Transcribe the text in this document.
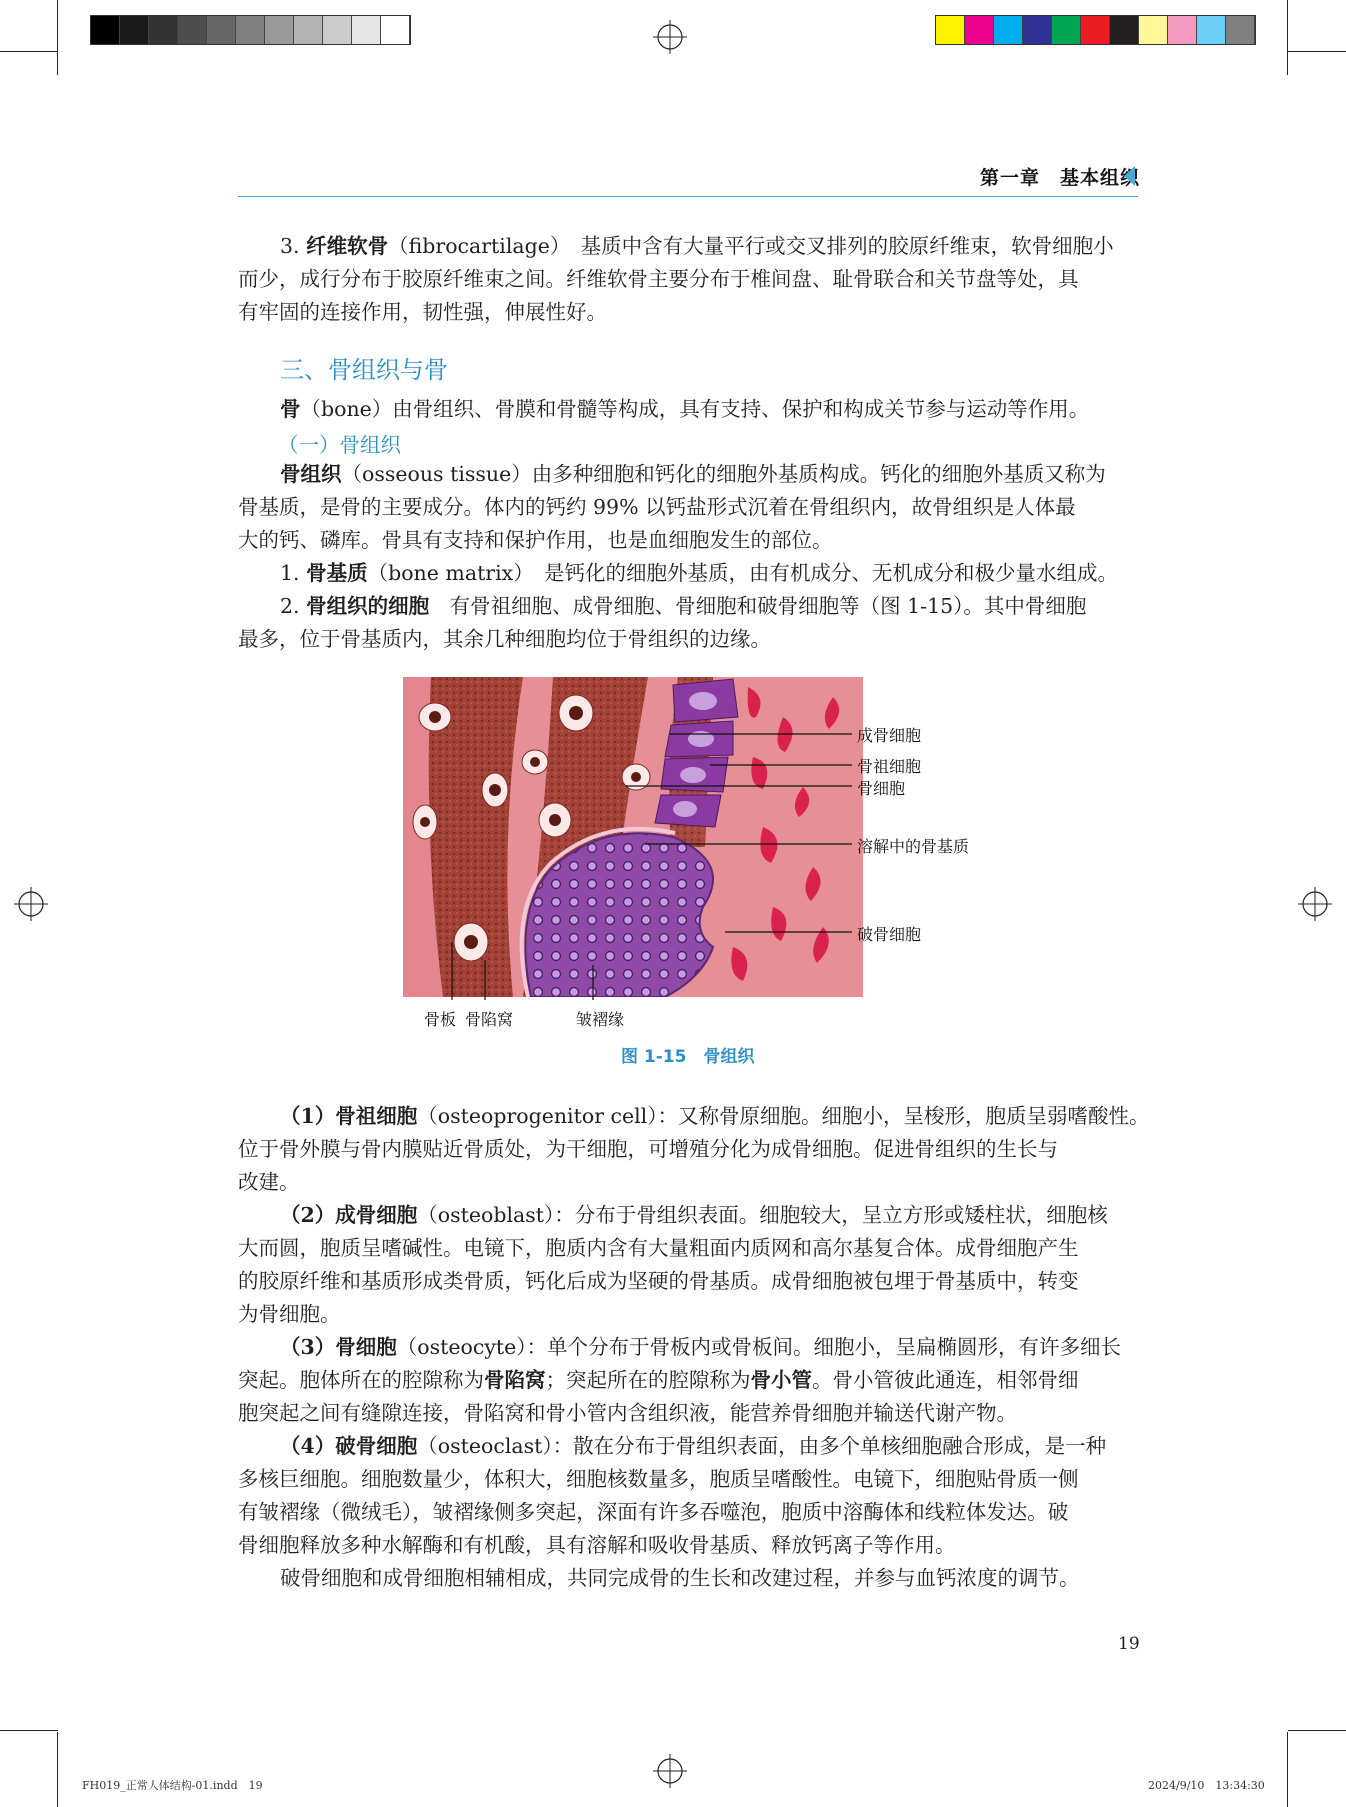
第一章　基本组织
3. 纤维软骨（fibrocartilage）　基质中含有大量平行或交叉排列的胶原纤维束，软骨细胞小
而少，成行分布于胶原纤维束之间。纤维软骨主要分布于椎间盘、耻骨联合和关节盘等处，具
有牢固的连接作用，韧性强，伸展性好。
三、骨组织与骨
骨（bone）由骨组织、骨膜和骨髓等构成，具有支持、保护和构成关节参与运动等作用。
（一）骨组织
骨组织（osseous tissue）由多种细胞和钙化的细胞外基质构成。钙化的细胞外基质又称为
骨基质，是骨的主要成分。体内的钙约 99% 以钙盐形式沉着在骨组织内，故骨组织是人体最
大的钙、磷库。骨具有支持和保护作用，也是血细胞发生的部位。
1. 骨基质（bone matrix）　是钙化的细胞外基质，由有机成分、无机成分和极少量水组成。
2. 骨组织的细胞　有骨祖细胞、成骨细胞、骨细胞和破骨细胞等（图 1-15）。其中骨细胞
最多，位于骨基质内，其余几种细胞均位于骨组织的边缘。
成骨细胞
骨祖细胞
骨细胞
溶解中的骨基质
破骨细胞
骨板 骨陷窝	皱褶缘
图 1-15　骨组织
（1）骨祖细胞（osteoprogenitor cell）：又称骨原细胞。细胞小，呈梭形，胞质呈弱嗜酸性。
位于骨外膜与骨内膜贴近骨质处，为干细胞，可增殖分化为成骨细胞。促进骨组织的生长与
改建。
（2）成骨细胞（osteoblast）：分布于骨组织表面。细胞较大，呈立方形或矮柱状，细胞核
大而圆，胞质呈嗜碱性。电镜下，胞质内含有大量粗面内质网和高尔基复合体。成骨细胞产生
的胶原纤维和基质形成类骨质，钙化后成为坚硬的骨基质。成骨细胞被包埋于骨基质中，转变
为骨细胞。
（3）骨细胞（osteocyte）：单个分布于骨板内或骨板间。细胞小，呈扁椭圆形，有许多细长
突起。胞体所在的腔隙称为骨陷窝；突起所在的腔隙称为骨小管。骨小管彼此通连，相邻骨细
胞突起之间有缝隙连接，骨陷窝和骨小管内含组织液，能营养骨细胞并输送代谢产物。
（4）破骨细胞（osteoclast）：散在分布于骨组织表面，由多个单核细胞融合形成，是一种
多核巨细胞。细胞数量少，体积大，细胞核数量多，胞质呈嗜酸性。电镜下，细胞贴骨质一侧
有皱褶缘（微绒毛），皱褶缘侧多突起，深面有许多吞噬泡，胞质中溶酶体和线粒体发达。破
骨细胞释放多种水解酶和有机酸，具有溶解和吸收骨基质、释放钙离子等作用。
破骨细胞和成骨细胞相辅相成，共同完成骨的生长和改建过程，并参与血钙浓度的调节。
19
FH019_正常人体结构-01.indd　19	2024/9/10　13:34:30
